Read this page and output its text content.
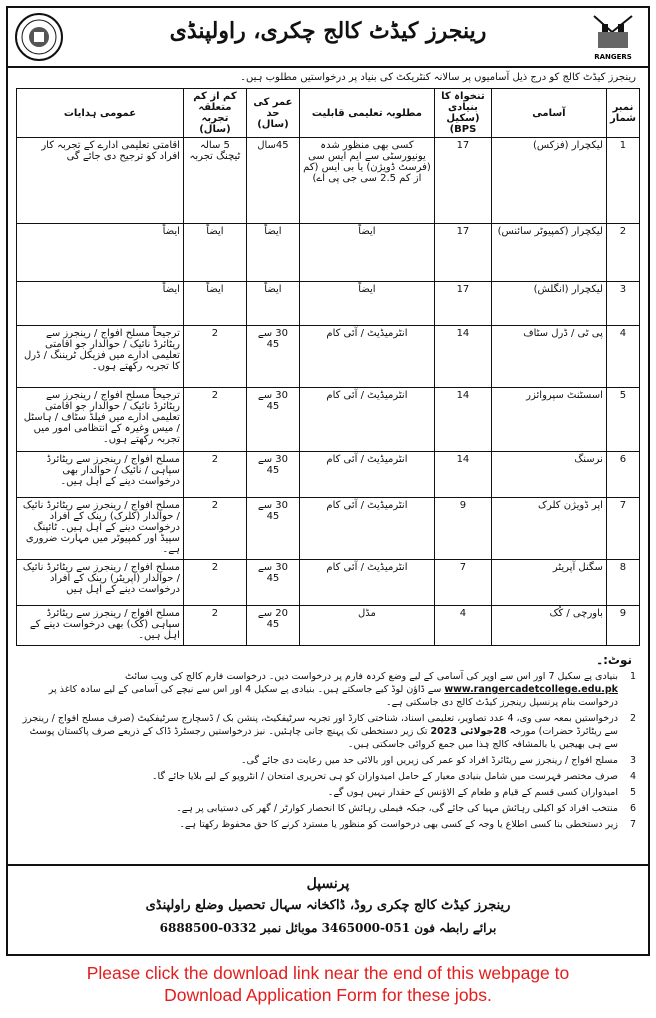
رینجرز کیڈٹ کالج چکری، راولپنڈی
RANGERS
رینجرز کیڈٹ کالج کو درج ذیل آسامیوں پر سالانہ کنٹریکٹ کی بنیاد پر درخواستیں مطلوب ہیں۔
نمبر شمار	آسامی	تنخواہ کا بنیادی (سکیل BPS)	مطلوبہ تعلیمی قابلیت	عمر کی حد (سال)	کم از کم متعلقہ تجربہ (سال)	عمومی ہدایات
1	لیکچرار (فزکس)	17	کسی بھی منظور شدہ یونیورسٹی سے ایم ایس سی (فرسٹ ڈویژن) یا بی ایس (کم از کم 2.5 سی جی پی اے)	45سال	5 سالہ ٹیچنگ تجربہ	اقامتی تعلیمی ادارے کے تجربہ کار افراد کو ترجیح دی جائے گی
2	لیکچرار (کمپیوٹر سائنس)	17	ایضاً	ایضاً	ایضاً	ایضاً
3	لیکچرار (انگلش)	17	ایضاً	ایضاً	ایضاً	ایضاً
4	پی ٹی / ڈرل سٹاف	14	انٹرمیڈیٹ / آئی کام	30 سے 45	2	ترجیحاً مسلح افواج / رینجرز سے ریٹائرڈ نائیک / حوالدار جو اقامتی تعلیمی ادارے میں فزیکل ٹریننگ / ڈرل کا تجربہ رکھتے ہوں۔
5	اسسٹنٹ سپروائزر	14	انٹرمیڈیٹ / آئی کام	30 سے 45	2	ترجیحاً مسلح افواج / رینجرز سے ریٹائرڈ نائیک / حوالدار جو اقامتی تعلیمی ادارے میں فیلڈ سٹاف / ہاسٹل / میس وغیرہ کے انتظامی امور میں تجربہ رکھتے ہوں۔
6	نرسنگ	14	انٹرمیڈیٹ / آئی کام	30 سے 45	2	مسلح افواج / رینجرز سے ریٹائرڈ سپاہی / نائیک / حوالدار بھی درخواست دینے کے اہل ہیں۔
7	اپر ڈویژن کلرک	9	انٹرمیڈیٹ / آئی کام	30 سے 45	2	مسلح افواج / رینجرز سے ریٹائرڈ نائیک / حوالدار (کلرک) رینک کے افراد درخواست دینے کے اہل ہیں۔ ٹائپنگ سپیڈ اور کمپیوٹر میں مہارت ضروری ہے۔
8	سگنل آپریٹر	7	انٹرمیڈیٹ / آئی کام	30 سے 45	2	مسلح افواج / رینجرز سے ریٹائرڈ نائیک / حوالدار (آپریٹر) رینک کے افراد درخواست دینے کے اہل ہیں
9	باورچی / کُک	4	مڈل	20 سے 45	2	مسلح افواج / رینجرز سے ریٹائرڈ سپاہی (کُک) بھی درخواست دینے کے اہل ہیں۔
نوٹ:۔
1
بنیادی پے سکیل 7 اور اس سے اوپر کی آسامی کے لیے وضع کردہ فارم پر درخواست دیں۔ درخواست فارم کالج کی ویب سائٹ www.rangercadetcollege.edu.pk سے ڈاؤن لوڈ کیے جاسکتے ہیں۔ بنیادی پے سکیل 4 اور اس سے نیچے کی آسامی کے لیے سادہ کاغذ پر درخواست بنام پرنسپل رینجرز کیڈٹ کالج دی جاسکتی ہے۔
2
درخواستیں بمعہ سی وی، 4 عدد تصاویر، تعلیمی اسناد، شناختی کارڈ اور تجربہ سرٹیفکیٹ، پنشن بک / ڈسچارج سرٹیفکیٹ (صرف مسلح افواج / رینجرز سے ریٹائرڈ حضرات) مورخہ 28جولائی 2023 تک زیر دستخطی تک پہنچ جانی چاہئیں۔ نیز درخواستیں رجسٹرڈ ڈاک کے ذریعے صرف پاکستان پوسٹ سے ہی بھیجیں یا بالمشافہ کالج ہٰذا میں جمع کروائی جاسکتی ہیں۔
3
مسلح افواج / رینجرز سے ریٹائرڈ افراد کو عمر کی زیریں اور بالائی حد میں رعایت دی جائے گی۔
4
صرف مختصر فہرست میں شامل بنیادی معیار کے حامل امیدواران کو ہی تحریری امتحان / انٹرویو کے لیے بلایا جائے گا۔
5
امیدواران کسی قسم کے قیام و طعام کے الاؤنس کے حقدار نہیں ہوں گے۔
6
منتخب افراد کو اکیلی رہائش مہیا کی جائے گی، جبکہ فیملی رہائش کا انحصار کوارٹر / گھر کی دستیابی پر ہے۔
7
زیر دستخطی بنا کسی اطلاع یا وجہ کے کسی بھی درخواست کو منظور یا مسترد کرنے کا حق محفوظ رکھتا ہے۔
پرنسپل
رینجرز کیڈٹ کالج چکری روڈ، ڈاکخانہ سہال تحصیل وضلع راولپنڈی
برائے رابطہ فون 051-3465000 موبائل نمبر 0332-6888500
Please click the download link near the end of this webpage to
Download Application Form for these jobs.
